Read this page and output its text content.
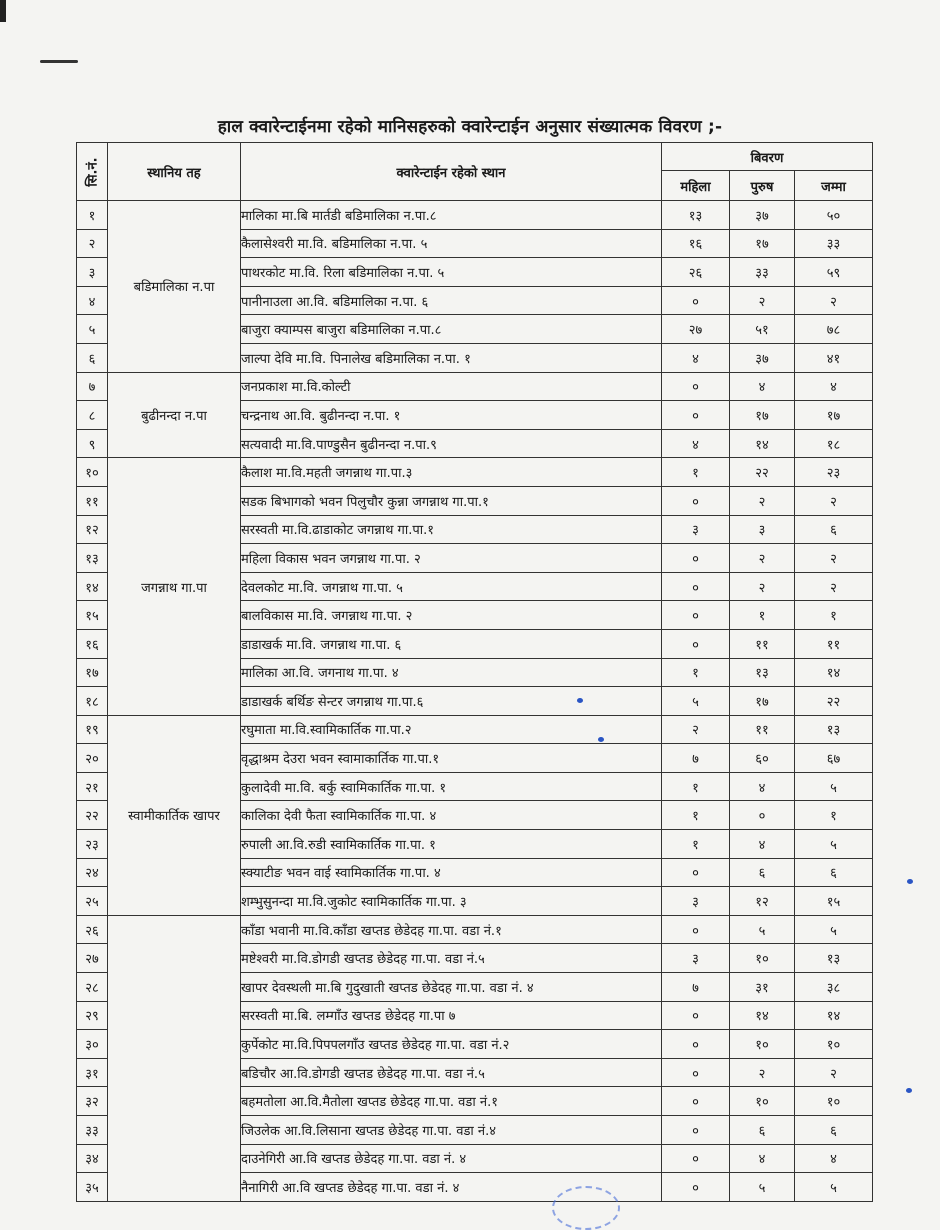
हाल क्वारेन्टाईनमा रहेको मानिसहरुको क्वारेन्टाईन अनुसार संख्यात्मक विवरण ;-
सि.नं.	स्थानिय तह	क्वारेन्टाईन रहेको स्थान	बिवरण		
			महिला	पुरुष	जम्मा
१	बडिमालिका न.पा	मालिका मा.बि मार्तडी बडिमालिका न.पा.८	१३	३७	५०
२		कैलासेश्वरी मा.वि. बडिमालिका न.पा. ५	१६	१७	३३
३		पाथरकोट मा.वि. रिला बडिमालिका न.पा. ५	२६	३३	५९
४		पानीनाउला आ.वि. बडिमालिका न.पा. ६	०	२	२
५		बाजुरा क्याम्पस बाजुरा बडिमालिका न.पा.८	२७	५१	७८
६		जाल्पा देवि मा.वि. पिनालेख बडिमालिका न.पा. १	४	३७	४१
७	बुढीनन्दा न.पा	जनप्रकाश मा.वि.कोल्टी	०	४	४
८		चन्द्रनाथ आ.वि. बुढीनन्दा न.पा. १	०	१७	१७
९		सत्यवादी मा.वि.पाण्डुसैन बुढीनन्दा न.पा.९	४	१४	१८
१०	जगन्नाथ गा.पा	कैलाश मा.वि.महती जगन्नाथ गा.पा.३	१	२२	२३
११		सडक बिभागको भवन पिलुचौर कुन्ना जगन्नाथ गा.पा.१	०	२	२
१२		सरस्वती मा.वि.ढाडाकोट जगन्नाथ गा.पा.१	३	३	६
१३		महिला विकास भवन जगन्नाथ गा.पा. २	०	२	२
१४		देवलकोट मा.वि. जगन्नाथ गा.पा. ५	०	२	२
१५		बालविकास मा.वि. जगन्नाथ गा.पा. २	०	१	१
१६		डाडाखर्क मा.वि. जगन्नाथ गा.पा. ६	०	११	११
१७		मालिका आ.वि. जगनाथ गा.पा. ४	१	१३	१४
१८		डाडाखर्क बर्थिङ सेन्टर जगन्नाथ गा.पा.६	५	१७	२२
१९	स्वामीकार्तिक खापर	रघुमाता मा.वि.स्वामिकार्तिक गा.पा.२	२	११	१३
२०		वृद्धाश्रम देउरा भवन स्वामाकार्तिक गा.पा.१	७	६०	६७
२१		कुलादेवी मा.वि. बर्कु स्वामिकार्तिक गा.पा. १	१	४	५
२२		कालिका देवी फैता स्वामिकार्तिक गा.पा. ४	१	०	१
२३		रुपाली आ.वि.रुडी स्वामिकार्तिक गा.पा. १	१	४	५
२४		स्क्याटीङ भवन वाई स्वामिकार्तिक गा.पा. ४	०	६	६
२५		शम्भुसुनन्दा मा.वि.जुकोट स्वामिकार्तिक गा.पा. ३	३	१२	१५
२६		काँडा भवानी मा.वि.काँडा खप्तड छेडेदह गा.पा. वडा नं.१	०	५	५
२७		मष्टेश्वरी मा.वि.डोगडी खप्तड छेडेदह गा.पा. वडा नं.५	३	१०	१३
२८		खापर देवस्थली मा.बि गुदुखाती खप्तड छेडेदह गा.पा. वडा नं. ४	७	३१	३८
२९		सरस्वती मा.बि. लम्गाँउ खप्तड छेडेदह गा.पा ७	०	१४	१४
३०		कुर्पेकोट मा.वि.पिपपलगाँउ खप्तड छेडेदह गा.पा. वडा नं.२	०	१०	१०
३१		बडिचौर आ.वि.डोगडी खप्तड छेडेदह गा.पा. वडा नं.५	०	२	२
३२		बहमतोला आ.वि.मैतोला खप्तड छेडेदह गा.पा. वडा नं.१	०	१०	१०
३३		जिउलेक आ.वि.लिसाना खप्तड छेडेदह गा.पा. वडा नं.४	०	६	६
३४		दाउनेगिरी आ.वि खप्तड छेडेदह गा.पा. वडा नं. ४	०	४	४
३५		नैनागिरी आ.वि खप्तड छेडेदह गा.पा. वडा नं. ४	०	५	५
